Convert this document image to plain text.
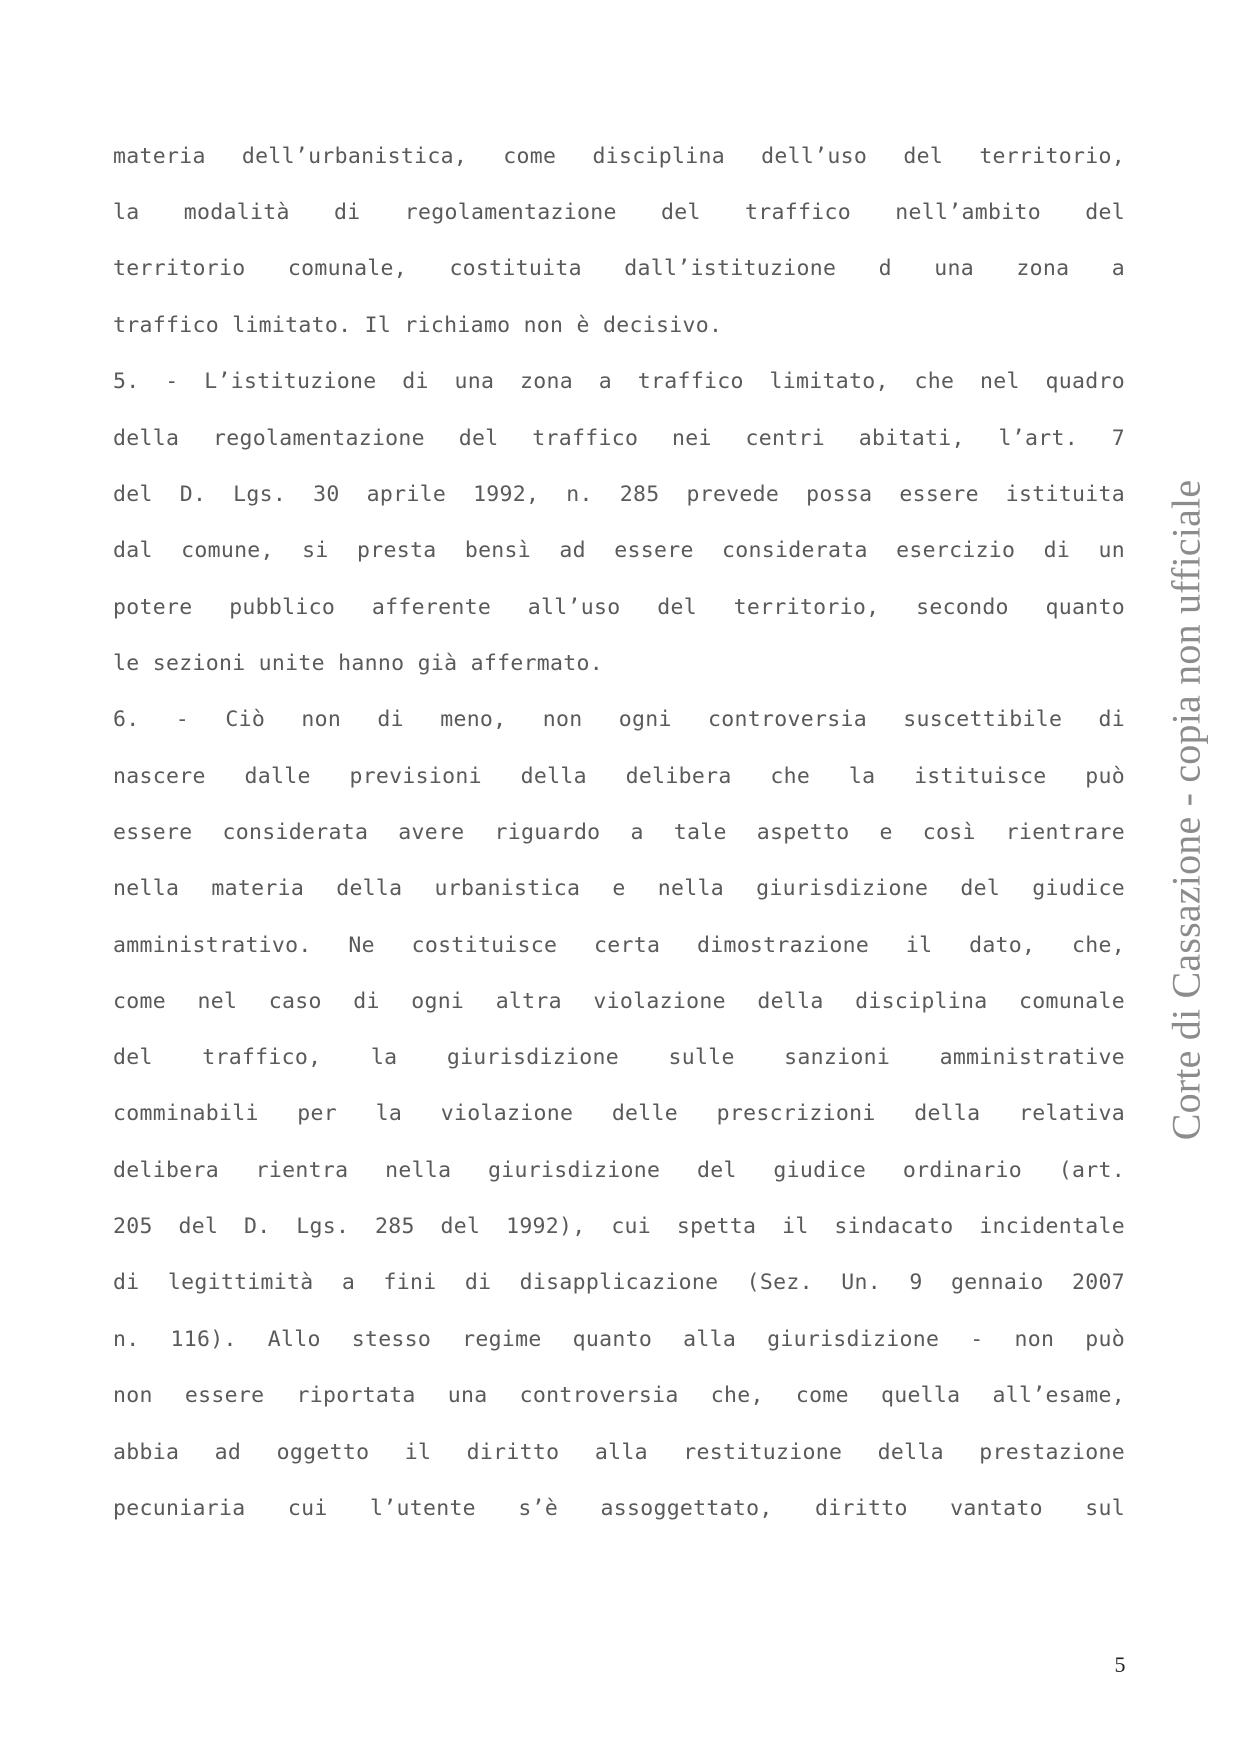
materia dell’urbanistica, come disciplina dell’uso del territorio,
la modalità di regolamentazione del traffico nell’ambito del
territorio comunale, costituita dall’istituzione d una zona a
traffico limitato. Il richiamo non è decisivo.
5. - L’istituzione di una zona a traffico limitato, che nel quadro
della regolamentazione del traffico nei centri abitati, l’art. 7
del D. Lgs. 30 aprile 1992, n. 285 prevede possa essere istituita
dal comune, si presta bensì ad essere considerata esercizio di un
potere pubblico afferente all’uso del territorio, secondo quanto
le sezioni unite hanno già affermato.
6. - Ciò non di meno, non ogni controversia suscettibile di
nascere dalle previsioni della delibera che la istituisce può
essere considerata avere riguardo a tale aspetto e così rientrare
nella materia della urbanistica e nella giurisdizione del giudice
amministrativo. Ne costituisce certa dimostrazione il dato, che,
come nel caso di ogni altra violazione della disciplina comunale
del traffico, la giurisdizione sulle sanzioni amministrative
comminabili per la violazione delle prescrizioni della relativa
delibera rientra nella giurisdizione del giudice ordinario (art.
205 del D. Lgs. 285 del 1992), cui spetta il sindacato incidentale
di legittimità a fini di disapplicazione (Sez. Un. 9 gennaio 2007
n. 116). Allo stesso regime quanto alla giurisdizione - non può
non essere riportata una controversia che, come quella all’esame,
abbia ad oggetto il diritto alla restituzione della prestazione
pecuniaria cui l’utente s’è assoggettato, diritto vantato sul
Corte di Cassazione - copia non ufficiale
5
